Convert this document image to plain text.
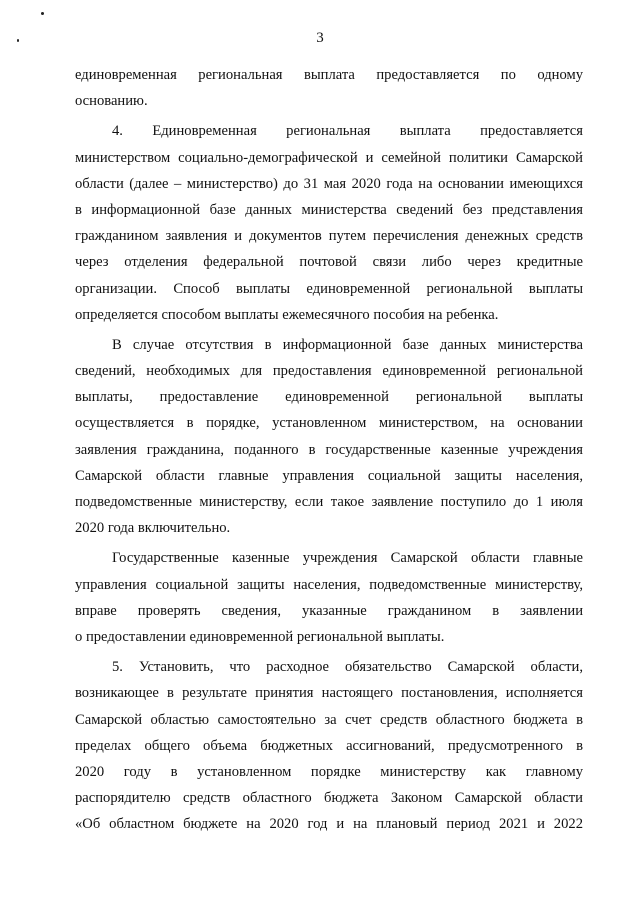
3
единовременная региональная выплата предоставляется по одному
основанию.
4. Единовременная региональная выплата предоставляется
министерством социально-демографической и семейной политики Самарской
области (далее – министерство) до 31 мая 2020 года на основании имеющихся
в информационной базе данных министерства сведений без представления
гражданином заявления и документов путем перечисления денежных средств
через отделения федеральной почтовой связи либо через кредитные
организации. Способ выплаты единовременной региональной выплаты
определяется способом выплаты ежемесячного пособия на ребенка.
В случае отсутствия в информационной базе данных министерства
сведений, необходимых для предоставления единовременной региональной
выплаты, предоставление единовременной региональной выплаты
осуществляется в порядке, установленном министерством, на основании
заявления гражданина, поданного в государственные казенные учреждения
Самарской области главные управления социальной защиты населения,
подведомственные министерству, если такое заявление поступило до 1 июля
2020 года включительно.
Государственные казенные учреждения Самарской области главные
управления социальной защиты населения, подведомственные министерству,
вправе проверять сведения, указанные гражданином в заявлении
о предоставлении единовременной региональной выплаты.
5. Установить, что расходное обязательство Самарской области,
возникающее в результате принятия настоящего постановления, исполняется
Самарской областью самостоятельно за счет средств областного бюджета в
пределах общего объема бюджетных ассигнований, предусмотренного в
2020 году в установленном порядке министерству как главному
распорядителю средств областного бюджета Законом Самарской области
«Об областном бюджете на 2020 год и на плановый период 2021 и 2022
